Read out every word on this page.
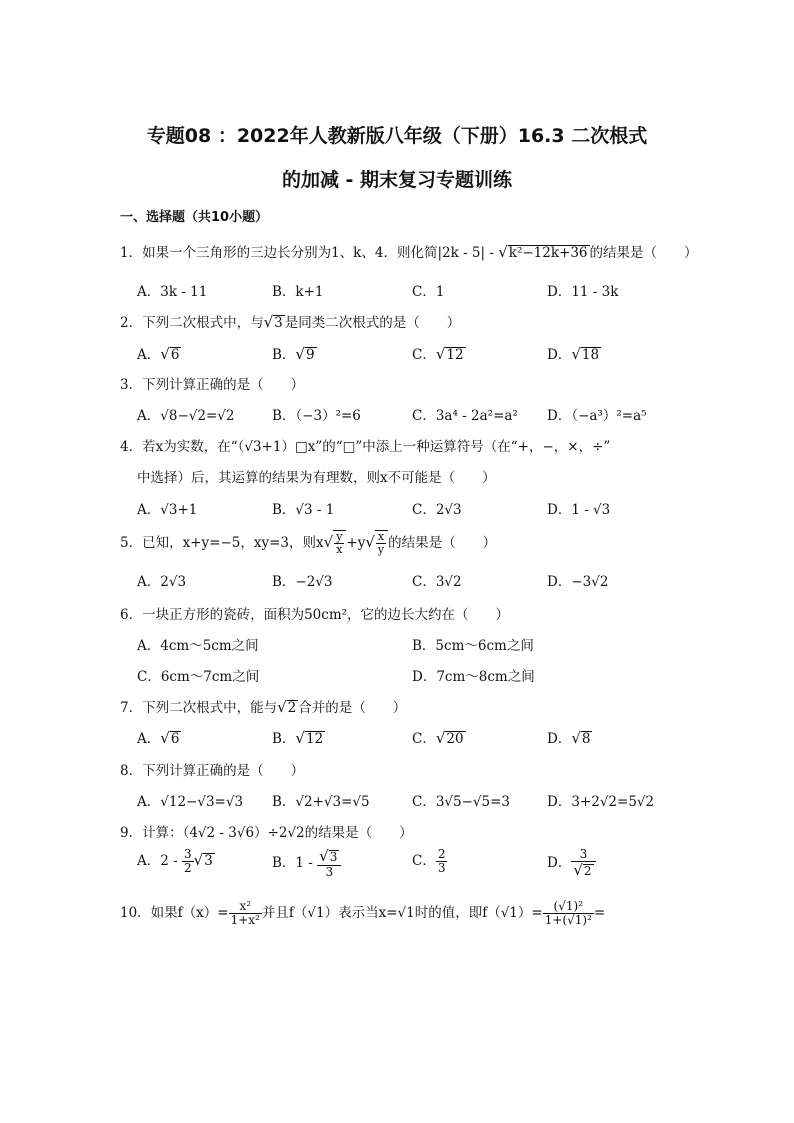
专题08 ：2022年人教新版八年级（下册）16.3 二次根式
的加减 - 期末复习专题训练
一、选择题（共10小题）
1．如果一个三角形的三边长分别为1、k、4．则化简|2k - 5| - √k²−12k+36 的结果是（　　）
A．3k - 11	B．k+1	C．1	D．11 - 3k
2．下列二次根式中，与√3 是同类二次根式的是（　　）
A．√6	B．√9	C．√12	D．√18
3．下列计算正确的是（　　）
A．√8−√2=√2	B．（−3）²=6	C．3a⁴ - 2a²=a² D．（−a³）²=a⁵
4．若x为实数，在“（√3+1）□x”的“□”中添上一种运算符号（在“+，−，×，÷”
中选择）后，其运算的结果为有理数，则x不可能是（　　）
A．√3+1	B．√3 - 1	C．2√3	D．1 - √3
5．已知，x+y=−5，xy=3，则$x√ \frac{y}{x} +y√ \frac{x}{y}$ 的结果是（　　）
A．2√3	B．−2√3	C．3√2	D．−3√2
6．一块正方形的瓷砖，面积为50cm²，它的边长大约在（　　）
A．4cm～5cm之间	B．5cm～6cm之间
C．6cm～7cm之间	D．7cm～8cm之间
7．下列二次根式中，能与√2 合并的是（　　）
A．√6	B．√12	C．√20	D．√8
8．下列计算正确的是（　　）
A．√12−√3=√3 B．√2+√3=√5	C．3√5−√5=3	D．3+2√2=5√2
9．计算：（4√2 - 3√6）÷2√2的结果是（　　）
A．$2 - \frac{3}{2} √3$	B．$1 - \frac{√3}{3}$	C． $\frac{2}{3}$	D． $\frac{3}{√2}$
10．如果$f(x)= \frac{\text{x²}}{\text{1+x²}}$ 并且f（√1）表示当x=√1时的值，即$f(√1)= \frac{\text{(√1)²}}{\text{1+(√1)²}}$ =
